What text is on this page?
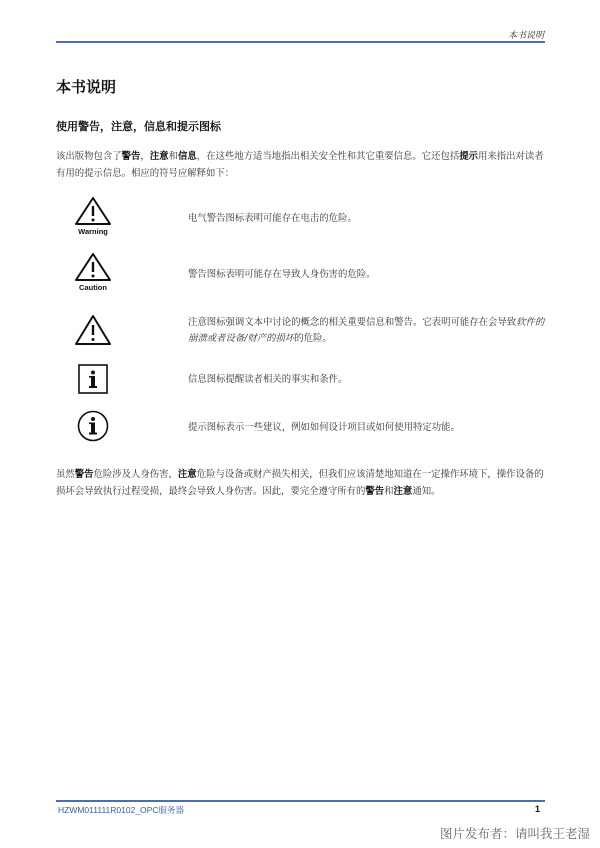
本书说明
本书说明
使用警告，注意，信息和提示图标
该出版物包含了警告，注意和信息，在这些地方适当地指出相关安全性和其它重要信息。它还包括提示用来指出对读者有用的提示信息。相应的符号应解释如下：
Warning
电气警告图标表明可能存在电击的危险。
Caution
警告图标表明可能存在导致人身伤害的危险。
注意图标强调文本中讨论的概念的相关重要信息和警告。它表明可能存在会导致软件的崩溃或者设备/财产的损坏的危险。
信息图标提醒读者相关的事实和条件。
提示图标表示一些建议，例如如何设计项目或如何使用特定功能。
虽然警告危险涉及人身伤害，注意危险与设备或财产损失相关，但我们应该清楚地知道在一定操作环境下，操作设备的损坏会导致执行过程受损，最终会导致人身伤害。因此，要完全遵守所有的警告和注意通知。
HZWM011111R0102_OPC服务器	1
图片发布者：请叫我王老湿
